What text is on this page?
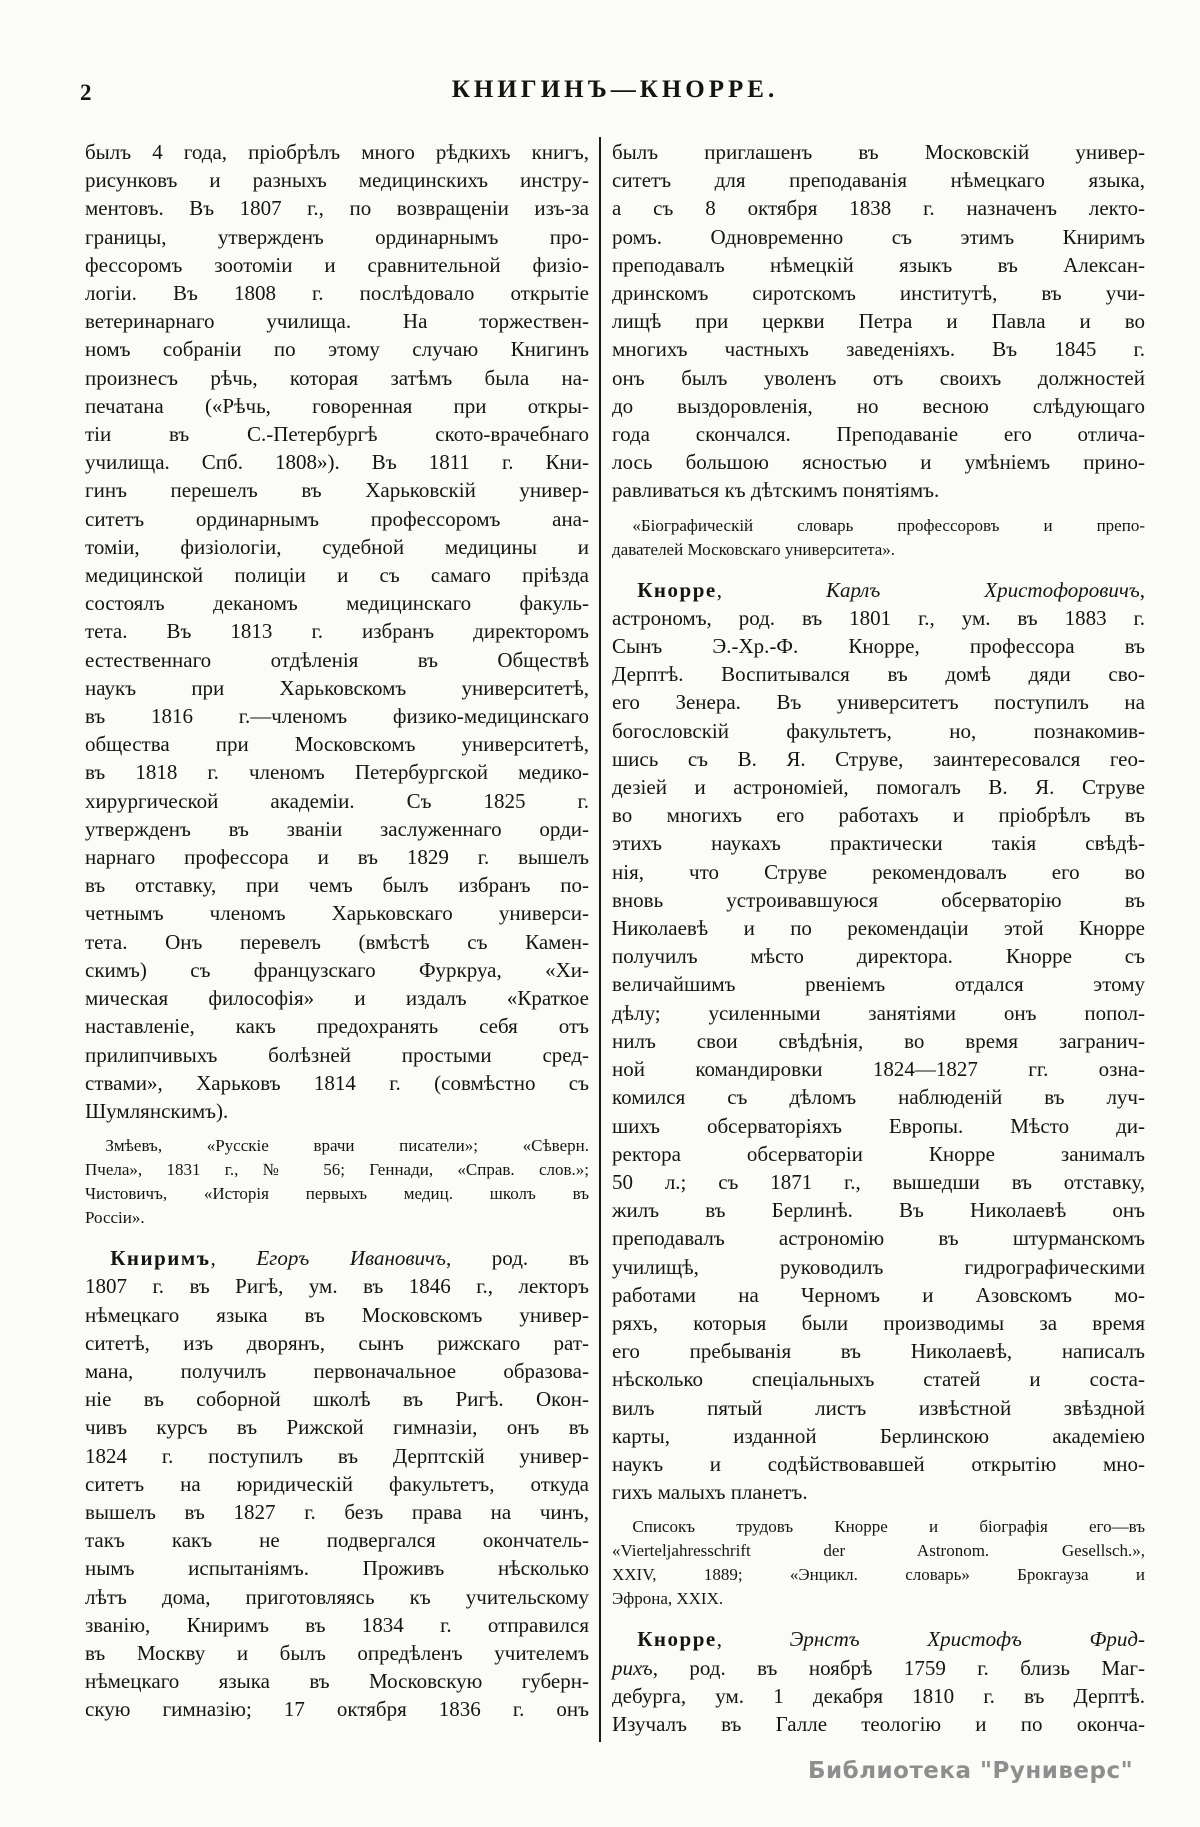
2	КНИГИНЪ—КНОРРЕ.
былъ 4 года, пріобрѣлъ много рѣдкихъ книгъ,
рисунковъ и разныхъ медицинскихъ инстру-
ментовъ. Въ 1807 г., по возвращеніи изъ-за
границы, утвержденъ ординарнымъ про-
фессоромъ зоотоміи и сравнительной физіо-
логіи. Въ 1808 г. послѣдовало открытіе
ветеринарнаго училища. На торжествен-
номъ собраніи по этому случаю Книгинъ
произнесъ рѣчь, которая затѣмъ была на-
печатана («Рѣчь, говоренная при откры-
тіи въ С.-Петербургѣ ското-врачебнаго
училища. Спб. 1808»). Въ 1811 г. Кни-
гинъ перешелъ въ Харьковскій универ-
ситетъ ординарнымъ профессоромъ ана-
томіи, физіологіи, судебной медицины и
медицинской полиціи и съ самаго пріѣзда
состоялъ деканомъ медицинскаго факуль-
тета. Въ 1813 г. избранъ директоромъ
естественнаго отдѣленія въ Обществѣ
наукъ при Харьковскомъ университетѣ,
въ 1816 г.—членомъ физико-медицинскаго
общества при Московскомъ университетѣ,
въ 1818 г. членомъ Петербургской медико-
хирургической академіи. Съ 1825 г.
утвержденъ въ званіи заслуженнаго орди-
нарнаго профессора и въ 1829 г. вышелъ
въ отставку, при чемъ былъ избранъ по-
четнымъ членомъ Харьковскаго универси-
тета. Онъ перевелъ (вмѣстѣ съ Камен-
скимъ) съ французскаго Фуркруа, «Хи-
мическая философія» и издалъ «Краткое
наставленіе, какъ предохранять себя отъ
прилипчивыхъ болѣзней простыми сред-
ствами», Харьковъ 1814 г. (совмѣстно съ
Шумлянскимъ).
Змѣевъ, «Русскіе врачи писатели»; «Сѣверн.
Пчела», 1831 г., № 56; Геннади, «Справ. слов.»;
Чистовичъ, «Исторія первыхъ медиц. школъ въ
Россіи».
Книримъ, Егоръ Ивановичъ, род. въ
1807 г. въ Ригѣ, ум. въ 1846 г., лекторъ
нѣмецкаго языка въ Московскомъ универ-
ситетѣ, изъ дворянъ, сынъ рижскаго рат-
мана, получилъ первоначальное образова-
ніе въ соборной школѣ въ Ригѣ. Окон-
чивъ курсъ въ Рижской гимназіи, онъ въ
1824 г. поступилъ въ Дерптскій универ-
ситетъ на юридическій факультетъ, откуда
вышелъ въ 1827 г. безъ права на чинъ,
такъ какъ не подвергался окончатель-
нымъ испытаніямъ. Проживъ нѣсколько
лѣтъ дома, приготовляясь къ учительскому
званію, Книримъ въ 1834 г. отправился
въ Москву и былъ опредѣленъ учителемъ
нѣмецкаго языка въ Московскую губерн-
скую гимназію; 17 октября 1836 г. онъ
былъ приглашенъ въ Московскій универ-
ситетъ для преподаванія нѣмецкаго языка,
а съ 8 октября 1838 г. назначенъ лекто-
ромъ. Одновременно съ этимъ Книримъ
преподавалъ нѣмецкій языкъ въ Алексан-
дринскомъ сиротскомъ институтѣ, въ учи-
лищѣ при церкви Петра и Павла и во
многихъ частныхъ заведеніяхъ. Въ 1845 г.
онъ былъ уволенъ отъ своихъ должностей
до выздоровленія, но весною слѣдующаго
года скончался. Преподаваніе его отлича-
лось большою ясностью и умѣніемъ прино-
равливаться къ дѣтскимъ понятіямъ.
«Біографическій словарь профессоровъ и препо-
давателей Московскаго университета».
Кнорре, Карлъ Христофоровичъ,
астрономъ, род. въ 1801 г., ум. въ 1883 г.
Сынъ Э.-Хр.-Ф. Кнорре, профессора въ
Дерптѣ. Воспитывался въ домѣ дяди сво-
его Зенера. Въ университетъ поступилъ на
богословскій факультетъ, но, познакомив-
шись съ В. Я. Струве, заинтересовался гео-
дезіей и астрономіей, помогалъ В. Я. Струве
во многихъ его работахъ и пріобрѣлъ въ
этихъ наукахъ практически такія свѣдѣ-
нія, что Струве рекомендовалъ его во
вновь устроивавшуюся обсерваторію въ
Николаевѣ и по рекомендаціи этой Кнорре
получилъ мѣсто директора. Кнорре съ
величайшимъ рвеніемъ отдался этому
дѣлу; усиленными занятіями онъ попол-
нилъ свои свѣдѣнія, во время загранич-
ной командировки 1824—1827 гг. озна-
комился съ дѣломъ наблюденій въ луч-
шихъ обсерваторіяхъ Европы. Мѣсто ди-
ректора обсерваторіи Кнорре занималъ
50 л.; съ 1871 г., вышедши въ отставку,
жилъ въ Берлинѣ. Въ Николаевѣ онъ
преподавалъ астрономію въ штурманскомъ
училищѣ, руководилъ гидрографическими
работами на Черномъ и Азовскомъ мо-
ряхъ, которыя были производимы за время
его пребыванія въ Николаевѣ, написалъ
нѣсколько спеціальныхъ статей и соста-
вилъ пятый листъ извѣстной звѣздной
карты, изданной Берлинскою академіею
наукъ и содѣйствовавшей открытію мно-
гихъ малыхъ планетъ.
Списокъ трудовъ Кнорре и біографія его—въ
«Vierteljahresschrift der Astronom. Gesellsch.»,
XXIV, 1889; «Энцикл. словарь» Брокгауза и
Эфрона, XXIX.
Кнорре, Эрнстъ Христофъ Фрид-
рихъ, род. въ ноябрѣ 1759 г. близь Маг-
дебурга, ум. 1 декабря 1810 г. въ Дерптѣ.
Изучалъ въ Галле теологію и по оконча-
Библиотека "Руниверс"
